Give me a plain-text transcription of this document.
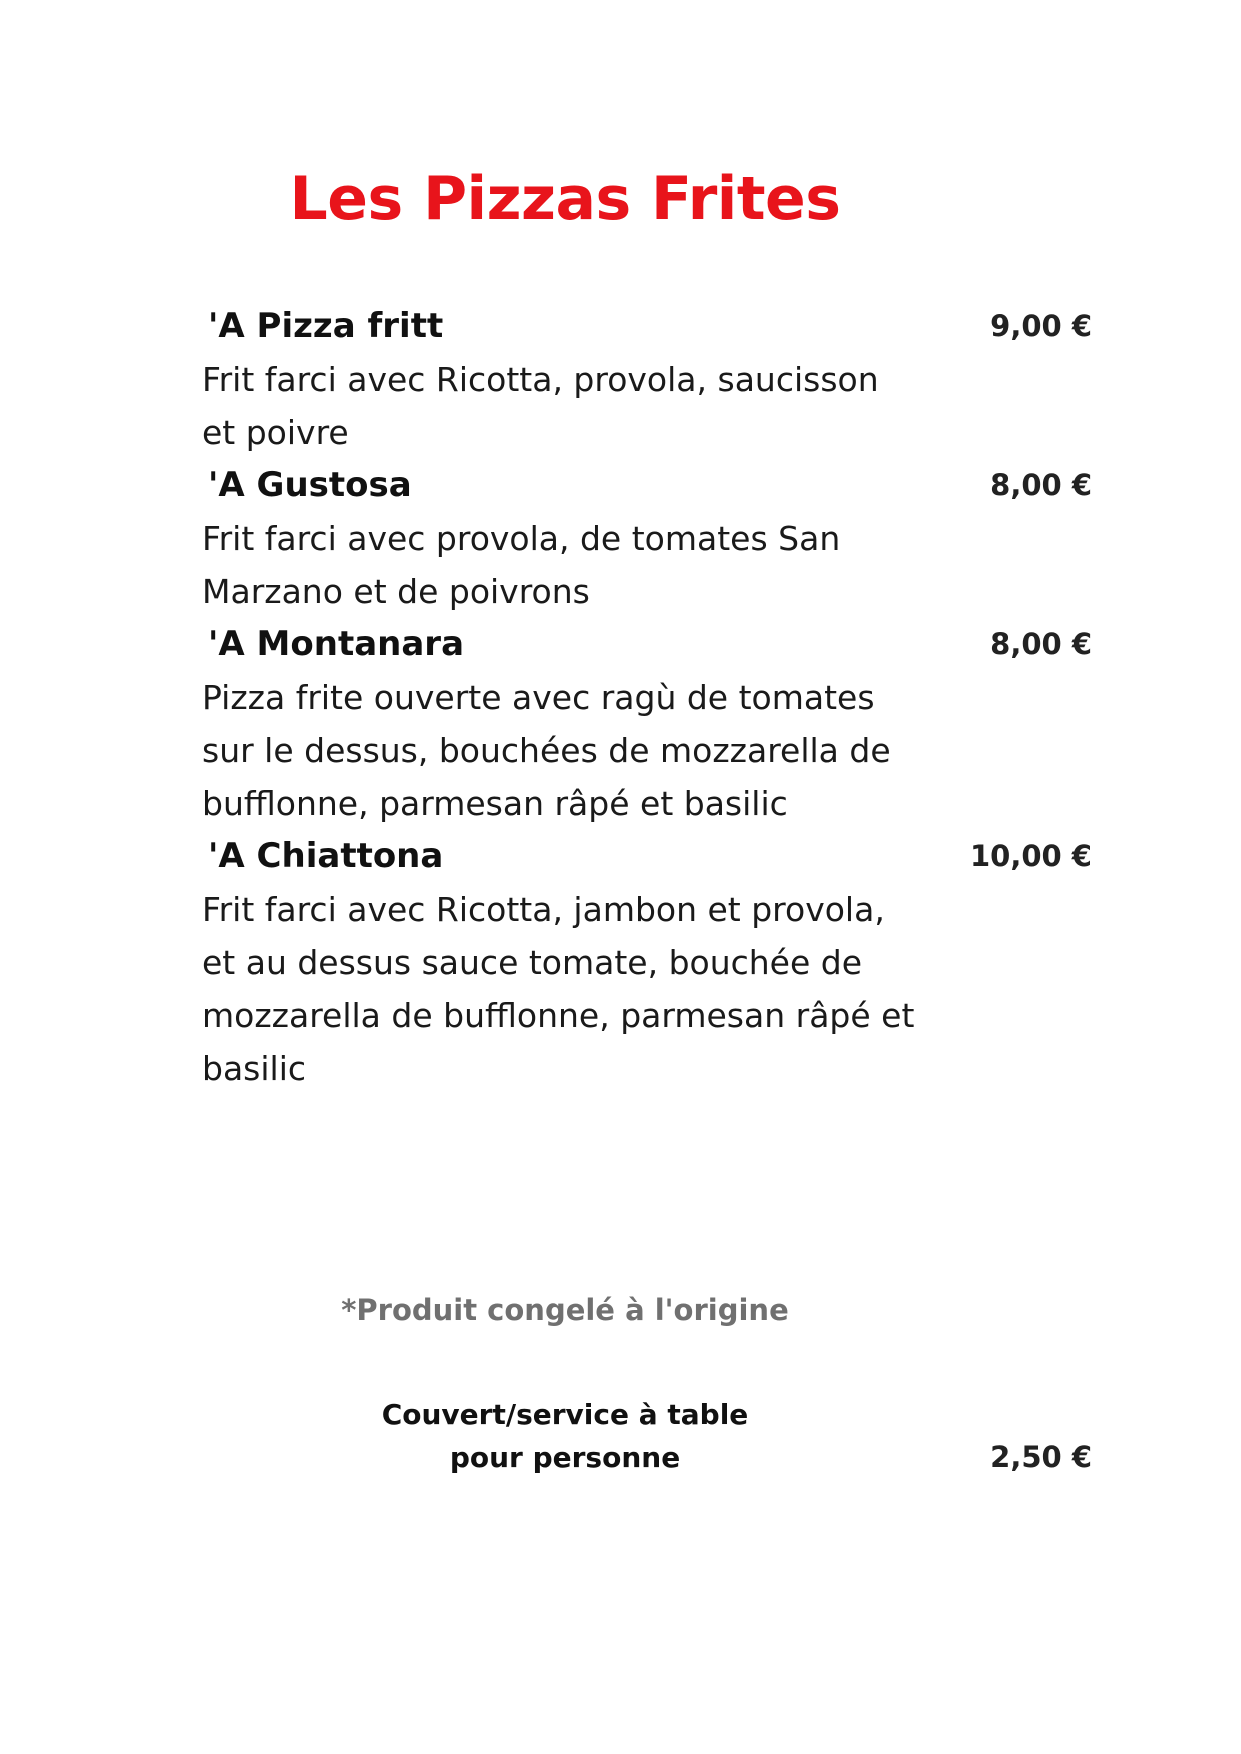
Les Pizzas Frites
'A Pizza fritt	9,00 €
Frit farci avec Ricotta, provola, saucisson et poivre
'A Gustosa	8,00 €
Frit farci avec provola, de tomates San Marzano et de poivrons
'A Montanara	8,00 €
Pizza frite ouverte avec ragù de tomates sur le dessus, bouchées de mozzarella de bufflonne, parmesan râpé et basilic
'A Chiattona	10,00 €
Frit farci avec Ricotta, jambon et provola, et au dessus sauce tomate, bouchée de mozzarella de bufflonne, parmesan râpé et basilic
*Produit congelé à l'origine
Couvert/service à table
pour personne	2,50 €
